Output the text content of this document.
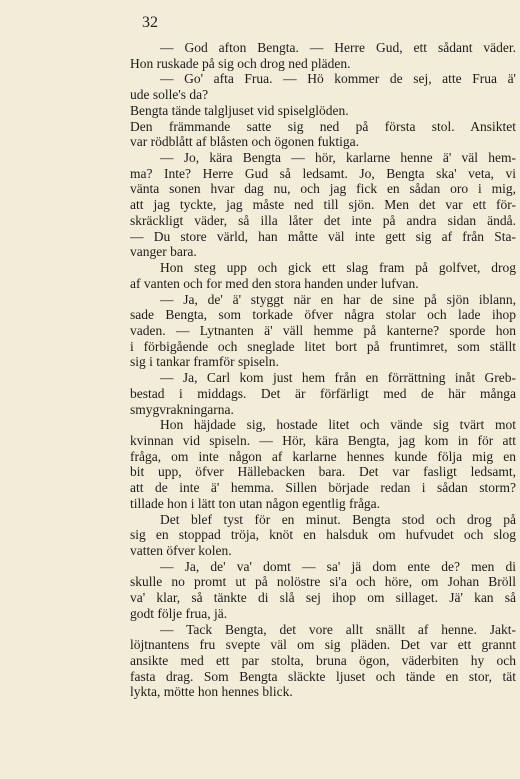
32
— God afton Bengta. — Herre Gud, ett sådant väder.
Hon ruskade på sig och drog ned pläden.
— Go' afta Frua. — Hö kommer de sej, atte Frua ä'
ude solle's da?
Bengta tände talgljuset vid spiselglöden.
Den främmande satte sig ned på första stol. Ansiktet
var rödblått af blåsten och ögonen fuktiga.
— Jo, kära Bengta — hör, karlarne henne ä' väl hem-
ma? Inte? Herre Gud så ledsamt. Jo, Bengta ska' veta, vi
vänta sonen hvar dag nu, och jag fick en sådan oro i mig,
att jag tyckte, jag måste ned till sjön. Men det var ett för-
skräckligt väder, så illa låter det inte på andra sidan ändå.
— Du store värld, han måtte väl inte gett sig af från Sta-
vanger bara.
Hon steg upp och gick ett slag fram på golfvet, drog
af vanten och for med den stora handen under lufvan.
— Ja, de' ä' styggt när en har de sine på sjön iblann,
sade Bengta, som torkade öfver några stolar och lade ihop
vaden. — Lytnanten ä' väll hemme på kanterne? sporde hon
i förbigående och sneglade litet bort på fruntimret, som ställt
sig i tankar framför spiseln.
— Ja, Carl kom just hem från en förrättning inåt Greb-
bestad i middags. Det är förfärligt med de här många
smygvrakningarna.
Hon häjdade sig, hostade litet och vände sig tvärt mot
kvinnan vid spiseln. — Hör, kära Bengta, jag kom in för att
fråga, om inte någon af karlarne hennes kunde följa mig en
bit upp, öfver Hällebacken bara. Det var fasligt ledsamt,
att de inte ä' hemma. Sillen började redan i sådan storm?
tillade hon i lätt ton utan någon egentlig fråga.
Det blef tyst för en minut. Bengta stod och drog på
sig en stoppad tröja, knöt en halsduk om hufvudet och slog
vatten öfver kolen.
— Ja, de' va' domt — sa' jä dom ente de? men di
skulle no promt ut på nolöstre si'a och höre, om Johan Bröll
va' klar, så tänkte di slå sej ihop om sillaget. Jä' kan så
godt följe frua, jä.
— Tack Bengta, det vore allt snällt af henne. Jakt-
löjtnantens fru svepte väl om sig pläden. Det var ett grannt
ansikte med ett par stolta, bruna ögon, väderbiten hy och
fasta drag. Som Bengta släckte ljuset och tände en stor, tät
lykta, mötte hon hennes blick.
